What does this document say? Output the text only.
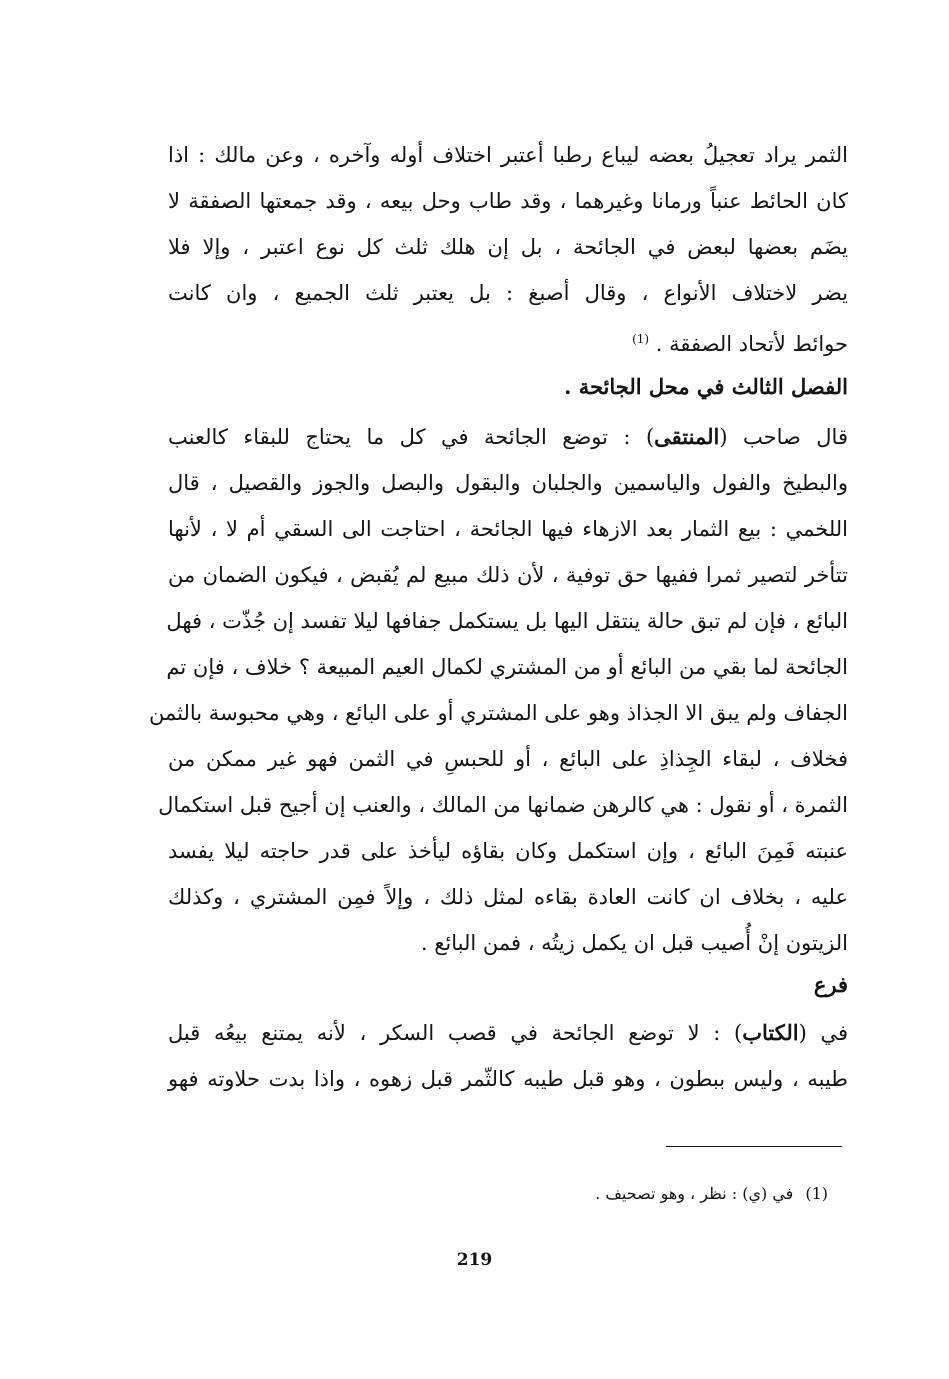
الثمر يراد تعجيلُ بعضه ليباع رطبا أعتبر اختلاف أوله وآخره ، وعن مالك : اذا
كان الحائط عنباً ورمانا وغيرهما ، وقد طاب وحل بيعه ، وقد جمعتها الصفقة لا
يضَم بعضها لبعض في الجائحة ، بل إن هلك ثلث كل نوع اعتبر ، وإلا فلا
يضر لاختلاف الأنواع ، وقال أصبغ : بل يعتبر ثلث الجميع ، وان كانت
حوائط لأتحاد الصفقة . $^{(1)}$
الفصل الثالث في محل الجائحة .
قال صاحب (المنتقى) : توضع الجائحة في كل ما يحتاج للبقاء كالعنب
والبطيخ والفول والياسمين والجلبان والبقول والبصل والجوز والقصيل ، قال
اللخمي : بيع الثمار بعد الازهاء فيها الجائحة ، احتاجت الى السقي أم لا ، لأنها
تتأخر لتصير ثمرا ففيها حق توفية ، لأن ذلك مبيع لم يُقبض ، فيكون الضمان من
البائع ، فإن لم تبق حالة ينتقل اليها بل يستكمل جفافها ليلا تفسد إن جُذّت ، فهل
الجائحة لما بقي من البائع أو من المشتري لكمال العيم المبيعة ؟ خلاف ، فإن تم
الجفاف ولم يبق الا الجذاذ وهو على المشتري أو على البائع ، وهي محبوسة بالثمن
فخلاف ، لبقاء الجِذاذِ على البائع ، أو للحبسِ في الثمن فهو غير ممكن من
الثمرة ، أو نقول : هي كالرهن ضمانها من المالك ، والعنب إن أجيح قبل استكمال
عنبته فَمِنَ البائع ، وإن استكمل وكان بقاؤه ليأخذ على قدر حاجته ليلا يفسد
عليه ، بخلاف ان كانت العادة بقاءه لمثل ذلك ، وإلاً فمِن المشتري ، وكذلك
الزيتون إنْ أُصيب قبل ان يكمل زيتُه ، فمن البائع .
فرع
في (الكتاب) : لا توضع الجائحة في قصب السكر ، لأنه يمتنع بيعُه قبل
طيبه ، وليس ببطون ، وهو قبل طيبه كالثّمر قبل زهوه ، واذا بدت حلاوته فهو
(1)في (ي) : نظر ، وهو تصحيف .
219
